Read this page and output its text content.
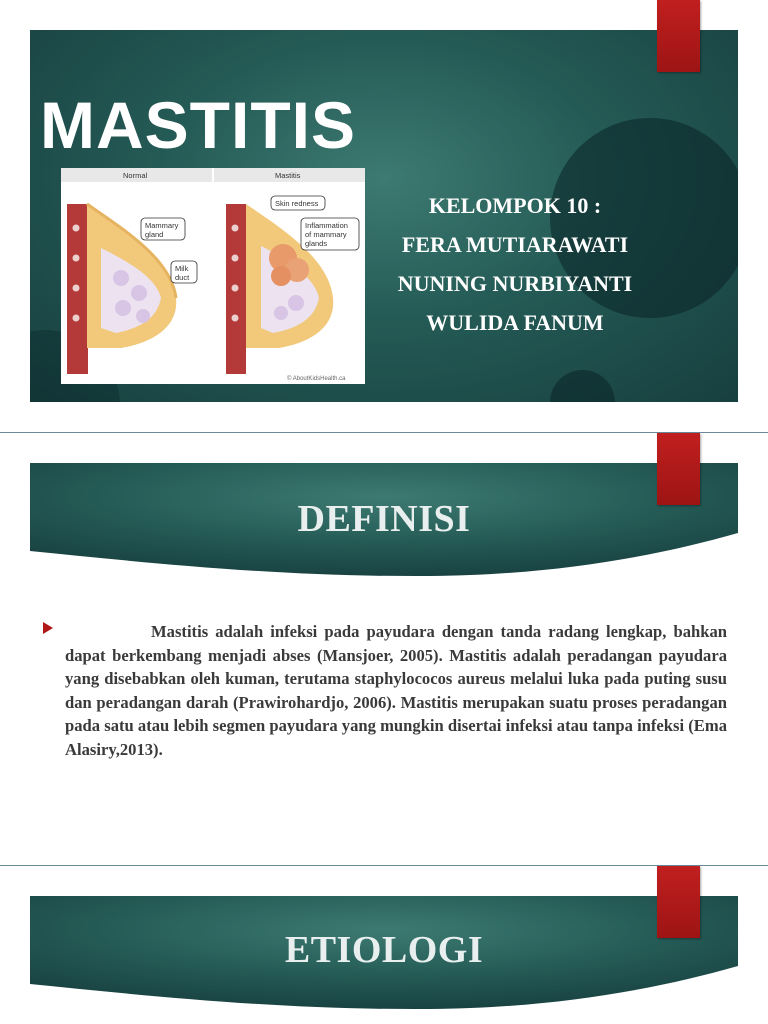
MASTITIS
Normal	Mastitis
Mammary
gland
Milk
duct
Skin redness
Inflammation
of mammary
glands
© AboutKidsHealth.ca
KELOMPOK 10 :
FERA MUTIARAWATI
NUNING NURBIYANTI
WULIDA FANUM
DEFINISI
Mastitis adalah infeksi pada payudara dengan tanda radang lengkap, bahkan dapat berkembang menjadi abses (Mansjoer, 2005). Mastitis adalah peradangan payudara yang disebabkan oleh kuman, terutama staphylococos aureus melalui luka pada puting susu dan peradangan darah (Prawirohardjo, 2006). Mastitis merupakan suatu proses peradangan pada satu atau lebih segmen payudara yang mungkin disertai infeksi atau tanpa infeksi (Ema Alasiry,2013).
ETIOLOGI
